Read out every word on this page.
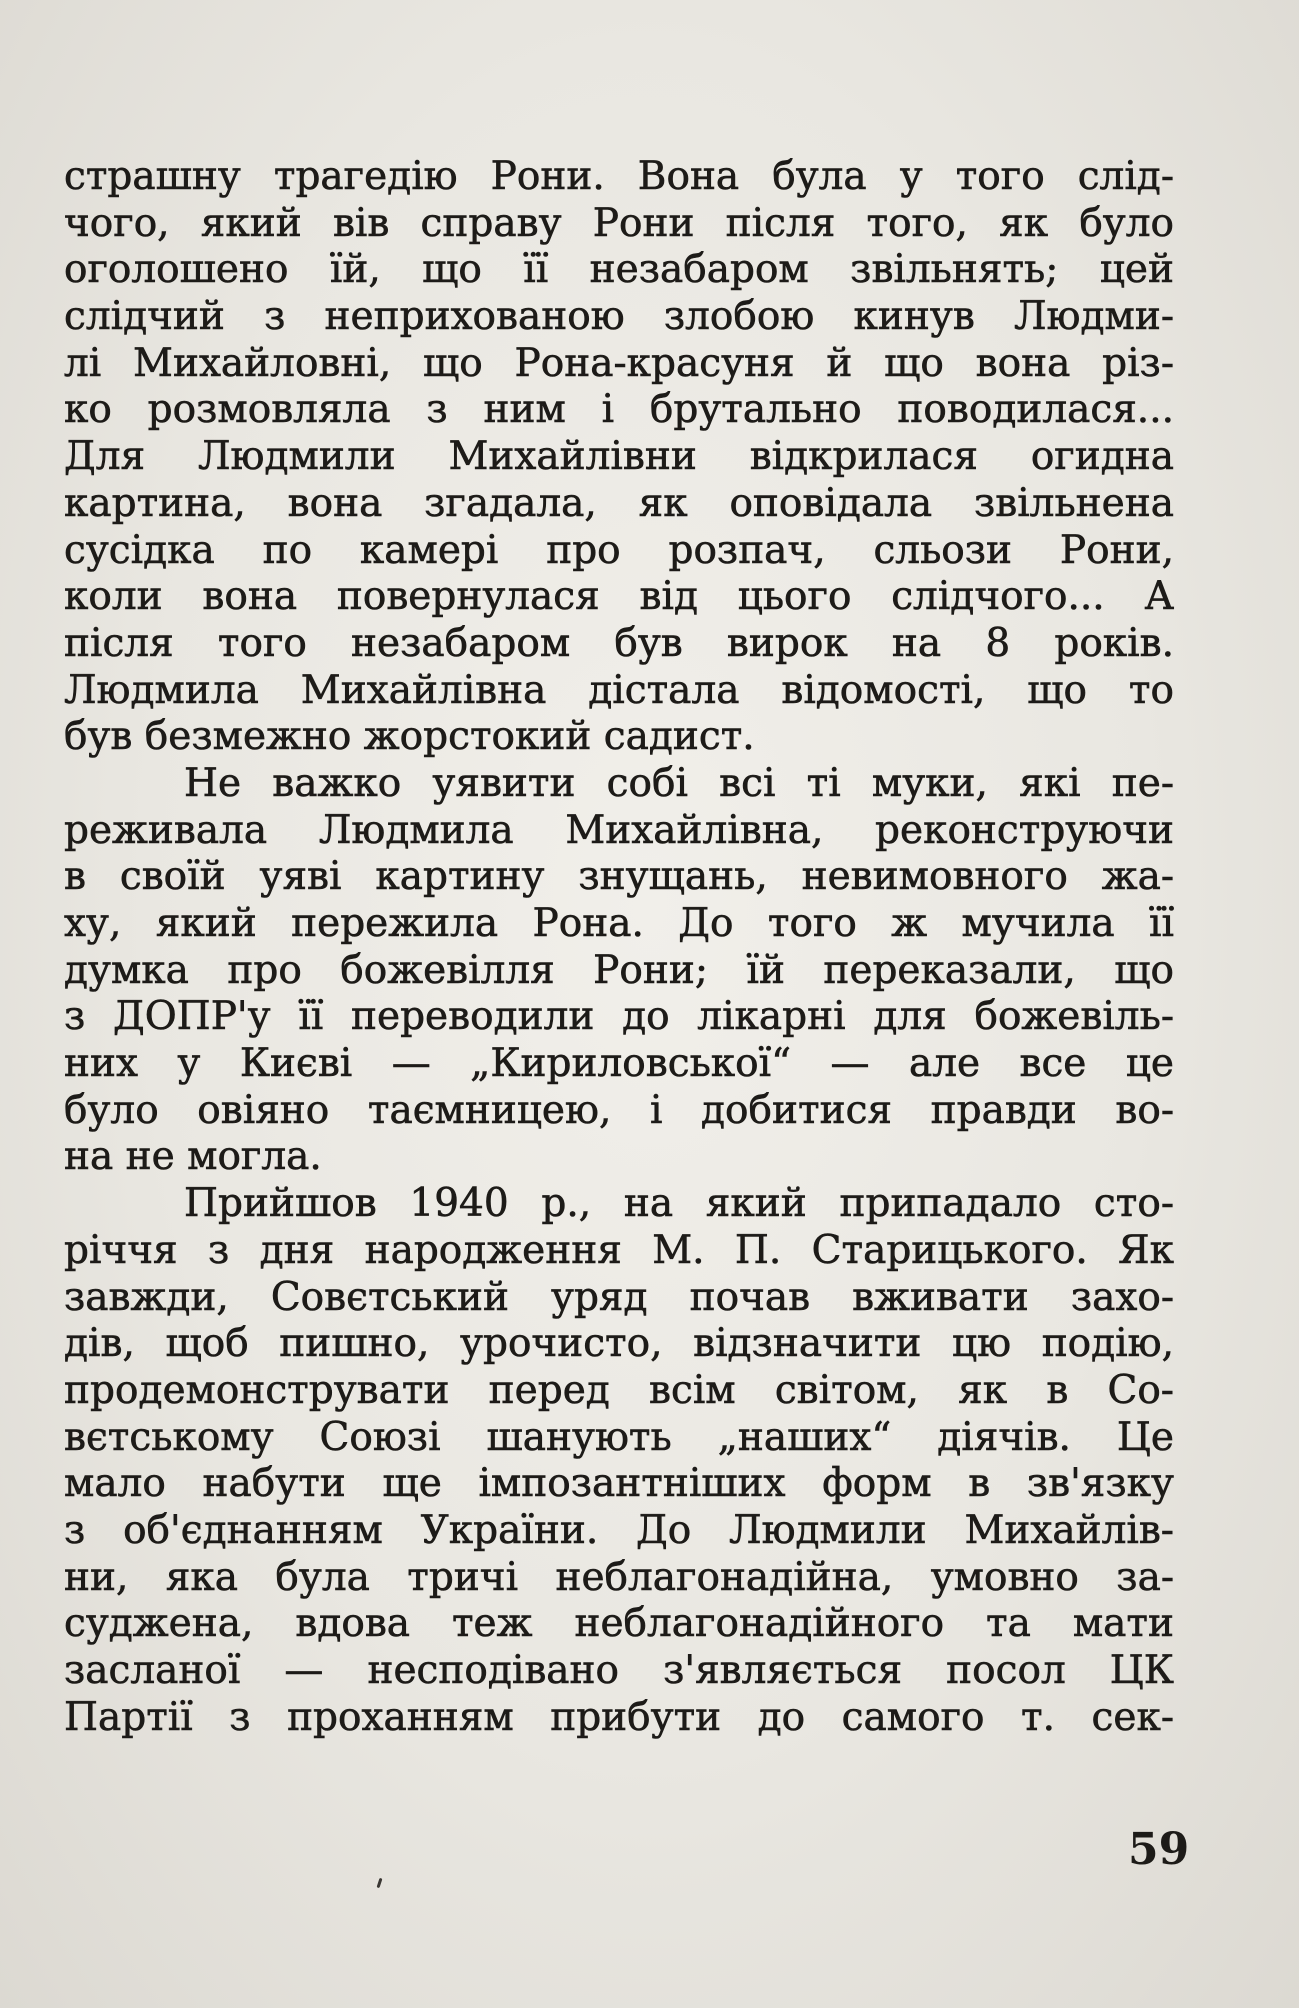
страшну трагедію Рони. Вона була у того слід-
чого, який вів справу Рони після того, як було
оголошено їй, що її незабаром звільнять; цей
слідчий з неприхованою злобою кинув Людми-
лі Михайловні, що Рона-красуня й що вона різ-
ко розмовляла з ним і брутально поводилася...
Для Людмили Михайлівни відкрилася огидна
картина, вона згадала, як оповідала звільнена
сусідка по камері про розпач, сльози Рони,
коли вона повернулася від цього слідчого... А
після того незабаром був вирок на 8 років.
Людмила Михайлівна дістала відомості, що то
був безмежно жорстокий садист.
Не важко уявити собі всі ті муки, які пе-
реживала Людмила Михайлівна, реконструючи
в своїй уяві картину знущань, невимовного жа-
ху, який пережила Рона. До того ж мучила її
думка про божевілля Рони; їй переказали, що
з ДОПР'у її переводили до лікарні для божевіль-
них у Києві — „Кириловської“ — але все це
було овіяно таємницею, і добитися правди во-
на не могла.
Прийшов 1940 р., на який припадало сто-
річчя з дня народження М. П. Старицького. Як
завжди, Совєтський уряд почав вживати захо-
дів, щоб пишно, урочисто, відзначити цю подію,
продемонструвати перед всім світом, як в Со-
вєтському Союзі шанують „наших“ діячів. Це
мало набути ще імпозантніших форм в зв'язку
з об'єднанням України. До Людмили Михайлів-
ни, яка була тричі неблагонадійна, умовно за-
суджена, вдова теж неблагонадійного та мати
засланої — несподівано з'являється посол ЦК
Партії з проханням прибути до самого т. сек-
59
